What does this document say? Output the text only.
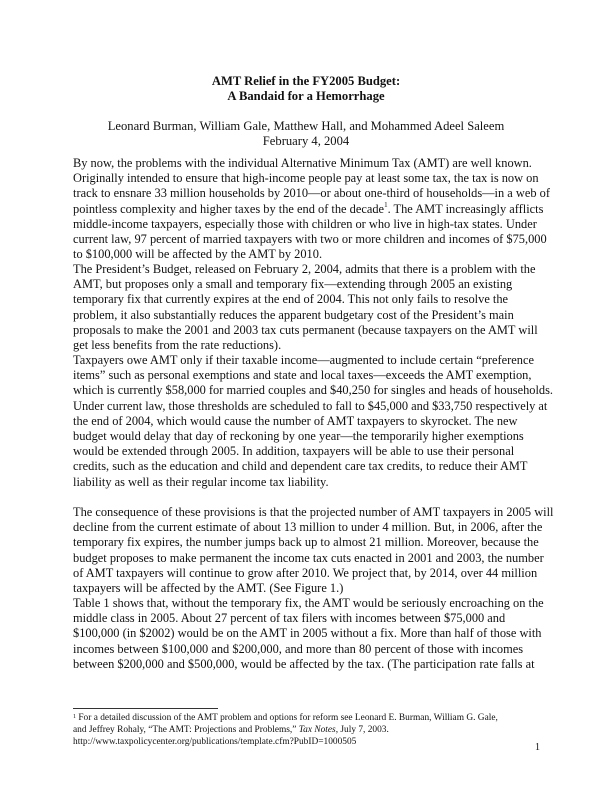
AMT Relief in the FY2005 Budget:
A Bandaid for a Hemorrhage
Leonard Burman, William Gale, Matthew Hall, and Mohammed Adeel Saleem
February 4, 2004
By now, the problems with the individual Alternative Minimum Tax (AMT) are well known.
Originally intended to ensure that high-income people pay at least some tax, the tax is now on
track to ensnare 33 million households by 2010—or about one-third of households—in a web of
pointless complexity and higher taxes by the end of the decade$^1$. The AMT increasingly afflicts
middle-income taxpayers, especially those with children or who live in high-tax states. Under
current law, 97 percent of married taxpayers with two or more children and incomes of $75,000
to $100,000 will be affected by the AMT by 2010.
The President’s Budget, released on February 2, 2004, admits that there is a problem with the
AMT, but proposes only a small and temporary fix—extending through 2005 an existing
temporary fix that currently expires at the end of 2004. This not only fails to resolve the
problem, it also substantially reduces the apparent budgetary cost of the President’s main
proposals to make the 2001 and 2003 tax cuts permanent (because taxpayers on the AMT will
get less benefits from the rate reductions).
Taxpayers owe AMT only if their taxable income—augmented to include certain “preference
items” such as personal exemptions and state and local taxes—exceeds the AMT exemption,
which is currently $58,000 for married couples and $40,250 for singles and heads of households.
Under current law, those thresholds are scheduled to fall to $45,000 and $33,750 respectively at
the end of 2004, which would cause the number of AMT taxpayers to skyrocket. The new
budget would delay that day of reckoning by one year—the temporarily higher exemptions
would be extended through 2005. In addition, taxpayers will be able to use their personal
credits, such as the education and child and dependent care tax credits, to reduce their AMT
liability as well as their regular income tax liability.
The consequence of these provisions is that the projected number of AMT taxpayers in 2005 will
decline from the current estimate of about 13 million to under 4 million. But, in 2006, after the
temporary fix expires, the number jumps back up to almost 21 million. Moreover, because the
budget proposes to make permanent the income tax cuts enacted in 2001 and 2003, the number
of AMT taxpayers will continue to grow after 2010. We project that, by 2014, over 44 million
taxpayers will be affected by the AMT. (See Figure 1.)
Table 1 shows that, without the temporary fix, the AMT would be seriously encroaching on the
middle class in 2005. About 27 percent of tax filers with incomes between $75,000 and
$100,000 (in $2002) would be on the AMT in 2005 without a fix. More than half of those with
incomes between $100,000 and $200,000, and more than 80 percent of those with incomes
between $200,000 and $500,000, would be affected by the tax. (The participation rate falls at
$^1$ For a detailed discussion of the AMT problem and options for reform see Leonard E. Burman, William G. Gale,
and Jeffrey Rohaly, “The AMT: Projections and Problems,” Tax Notes, July 7, 2003.
http://www.taxpolicycenter.org/publications/template.cfm?PubID=1000505	1
